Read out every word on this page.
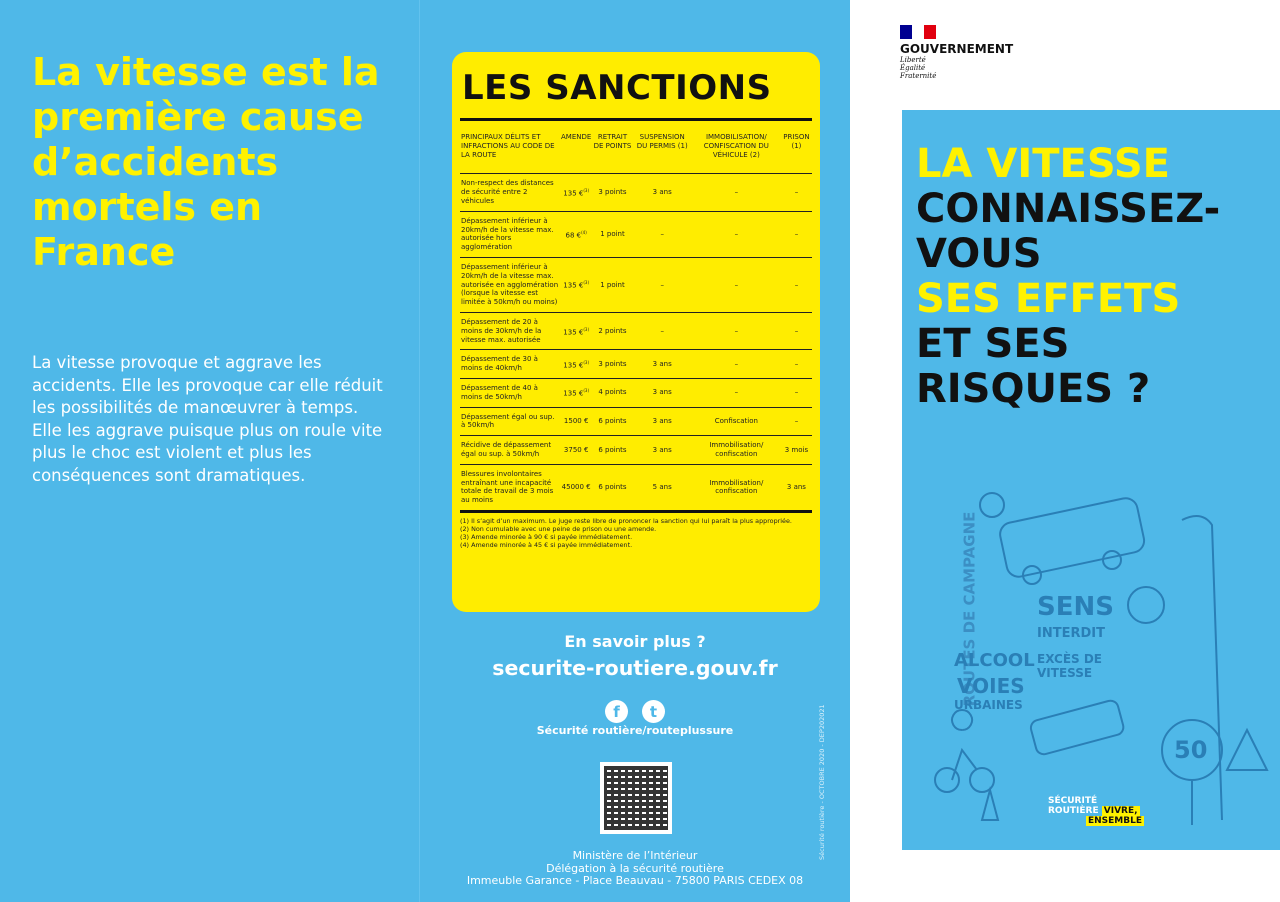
La vitesse est la première cause d’accidents mortels en France

La vitesse provoque et aggrave les accidents. Elle les provoque car elle réduit les possibilités de manœuvrer à temps.

Elle les aggrave puisque plus on roule vite plus le choc est violent et plus les conséquences sont dramatiques.

LES SANCTIONS
PRINCIPAUX DÉLITS ET INFRACTIONS AU CODE DE LA ROUTE	AMENDE	RETRAIT DE POINTS	SUSPENSION DU PERMIS (1)	IMMOBILISATION/ CONFISCATION DU VÉHICULE (2)	PRISON (1)
Non-respect des distances de sécurité entre 2 véhicules	135 €$^{(3)}$	3 points	3 ans	–	–
Dépassement inférieur à 20km/h de la vitesse max. autorisée hors agglomération	68 €$^{(4)}$	1 point	–	–	–
Dépassement inférieur à 20km/h de la vitesse max. autorisée en agglomération (lorsque la vitesse est limitée à 50km/h ou moins)	135 €$^{(3)}$	1 point	–	–	–
Dépassement de 20 à moins de 30km/h de la vitesse max. autorisée	135 €$^{(3)}$	2 points	–	–	–
Dépassement de 30 à moins de 40km/h	135 €$^{(3)}$	3 points	3 ans	–	–
Dépassement de 40 à moins de 50km/h	135 €$^{(3)}$	4 points	3 ans	–	–
Dépassement égal ou sup. à 50km/h	1500 €	6 points	3 ans	Confiscation	–
Récidive de dépassement égal ou sup. à 50km/h	3750 €	6 points	3 ans	Immobilisation/ confiscation	3 mois
Blessures involontaires entraînant une incapacité totale de travail de 3 mois au moins	45000 €	6 points	5 ans	Immobilisation/ confiscation	3 ans
(1) Il s’agit d’un maximum. Le juge reste libre de prononcer la sanction qui lui paraît la plus appropriée.
(2) Non cumulable avec une peine de prison ou une amende.
(3) Amende minorée à 90 € si payée immédiatement.
(4) Amende minorée à 45 € si payée immédiatement.
En savoir plus ?
securite-routiere.gouv.fr
f	t
Sécurité routière/routeplussure
Ministère de l’Intérieur
Délégation à la sécurité routière
Immeuble Garance - Place Beauvau - 75800 PARIS CEDEX 08
Sécurité routière - OCTOBRE 2020 - DEP202021
GOUVERNEMENT
Liberté
Égalité
Fraternité
LA VITESSE
CONNAISSEZ-
VOUS
SES EFFETS
ET SES
RISQUES ?
ROUTES DE CAMPAGNE SENS
INTERDIT
ALCOOL
VOIES
URBAINES
EXCÈS DE VITESSE
50
SÉCURITÉ
ROUTIÈRE VIVRE,
ENSEMBLE
